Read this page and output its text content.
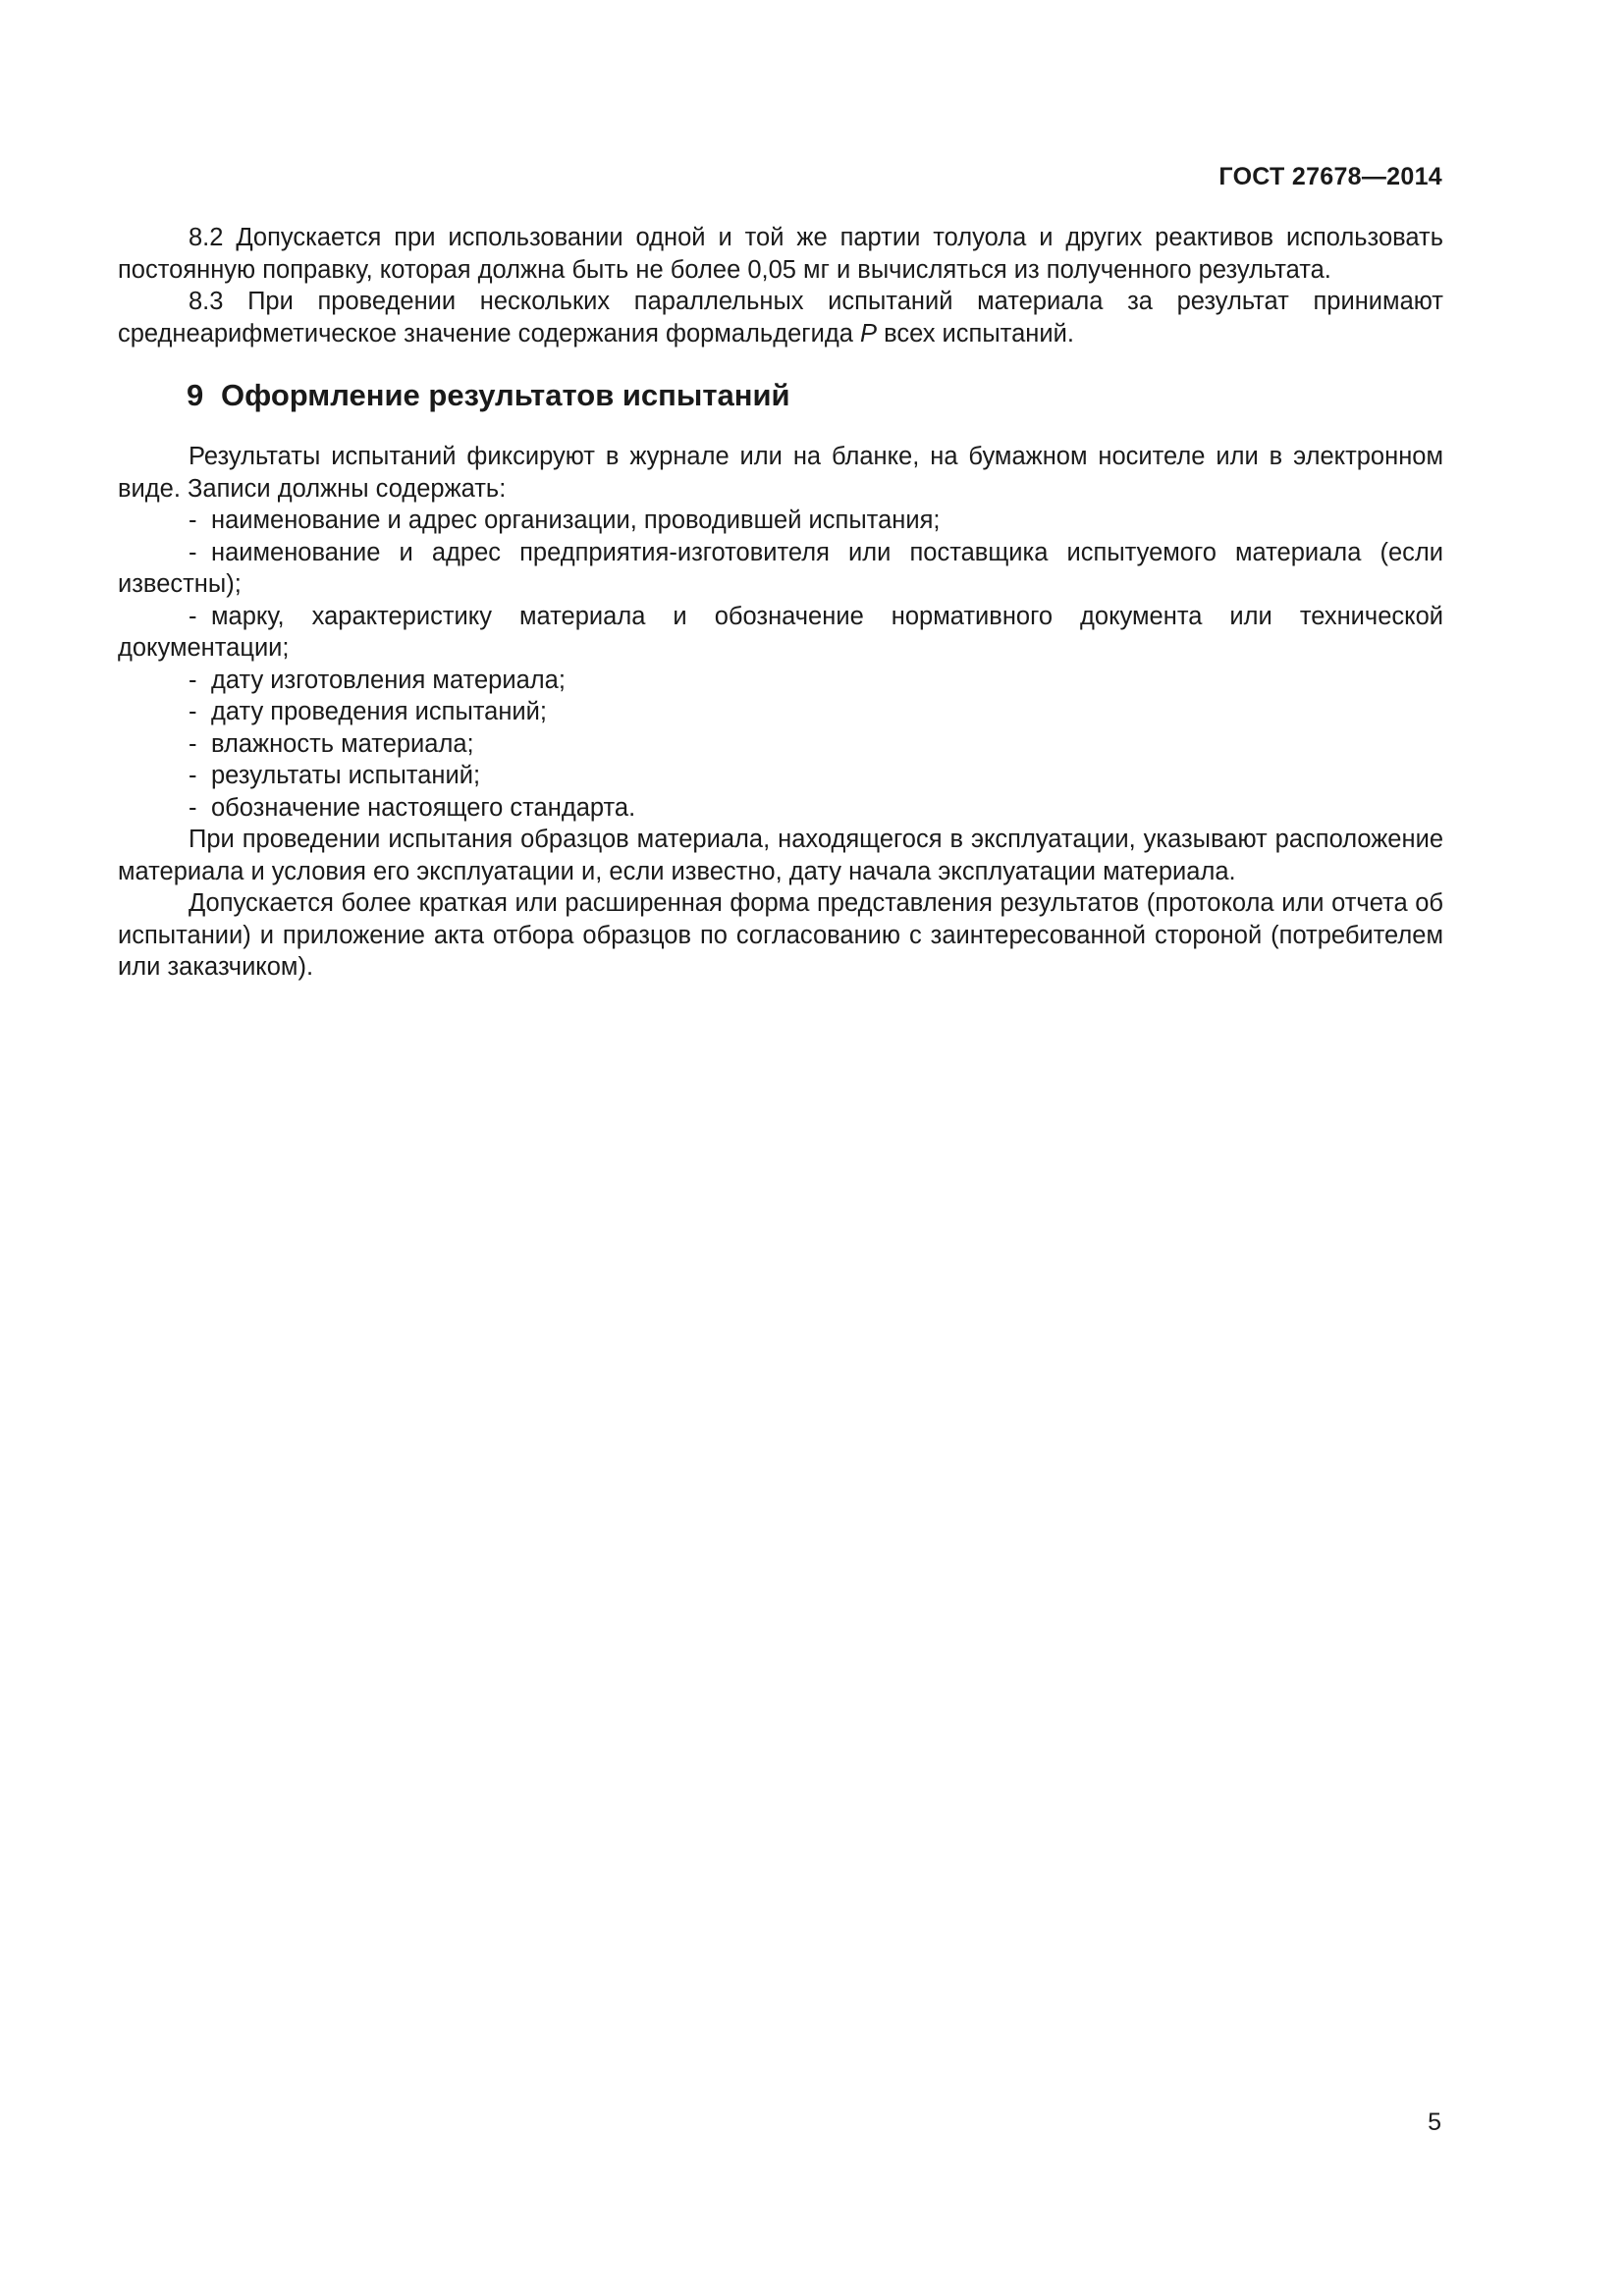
ГОСТ 27678—2014

8.2 Допускается при использовании одной и той же партии толуола и других реактивов использовать постоянную поправку, которая должна быть не более 0,05 мг и вычисляться из полученного результата.

8.3 При проведении нескольких параллельных испытаний материала за результат принимают среднеарифметическое значение содержания формальдегида P всех испытаний.

9 Оформление результатов испытаний

Результаты испытаний фиксируют в журнале или на бланке, на бумажном носителе или в электронном виде. Записи должны содержать:

- наименование и адрес организации, проводившей испытания;

- наименование и адрес предприятия-изготовителя или поставщика испытуемого материала (если известны);

- марку, характеристику материала и обозначение нормативного документа или технической документации;

- дату изготовления материала;

- дату проведения испытаний;

- влажность материала;

- результаты испытаний;

- обозначение настоящего стандарта.

При проведении испытания образцов материала, находящегося в эксплуатации, указывают расположение материала и условия его эксплуатации и, если известно, дату начала эксплуатации материала.

Допускается более краткая или расширенная форма представления результатов (протокола или отчета об испытании) и приложение акта отбора образцов по согласованию с заинтересованной стороной (потребителем или заказчиком).

5
